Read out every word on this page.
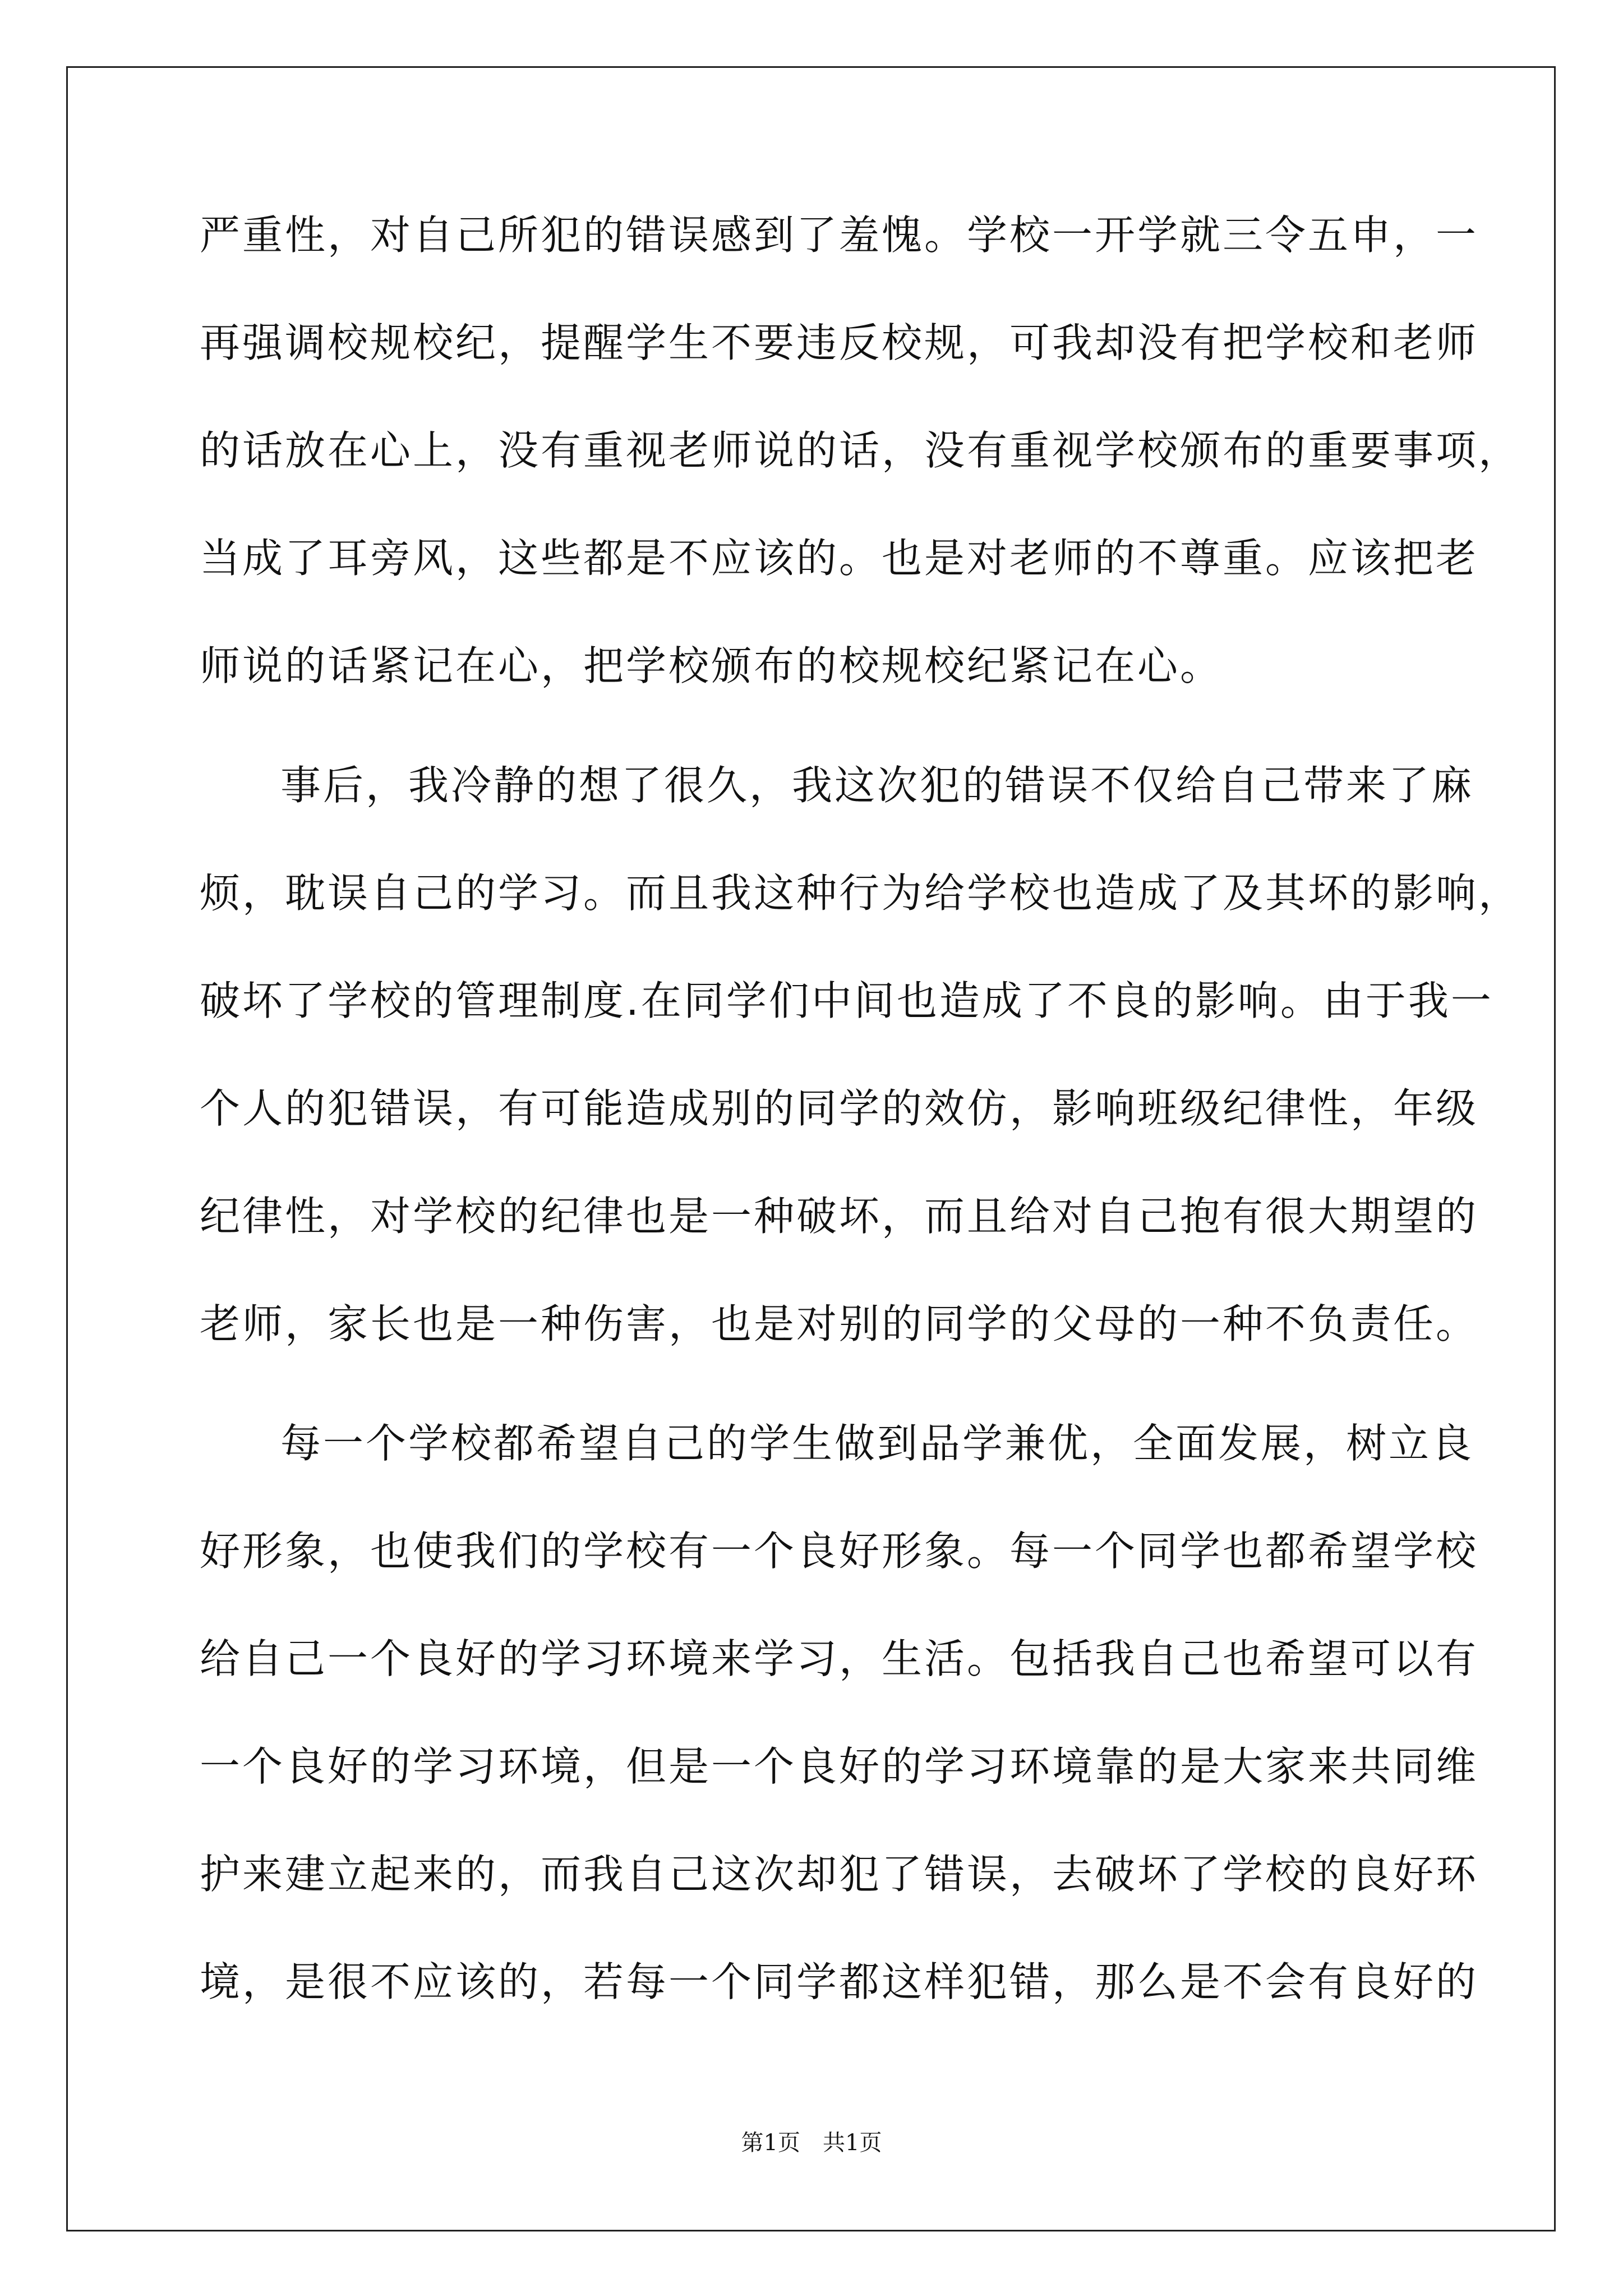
严重性，对自己所犯的错误感到了羞愧。学校一开学就三令五申，一
再强调校规校纪，提醒学生不要违反校规，可我却没有把学校和老师
的话放在心上，没有重视老师说的话，没有重视学校颁布的重要事项，
当成了耳旁风，这些都是不应该的。也是对老师的不尊重。应该把老
师说的话紧记在心，把学校颁布的校规校纪紧记在心。
事后，我冷静的想了很久，我这次犯的错误不仅给自己带来了麻
烦，耽误自己的学习。而且我这种行为给学校也造成了及其坏的影响，
破坏了学校的管理制度.在同学们中间也造成了不良的影响。由于我一
个人的犯错误，有可能造成别的同学的效仿，影响班级纪律性，年级
纪律性，对学校的纪律也是一种破坏，而且给对自己抱有很大期望的
老师，家长也是一种伤害，也是对别的同学的父母的一种不负责任。
每一个学校都希望自己的学生做到品学兼优，全面发展，树立良
好形象，也使我们的学校有一个良好形象。每一个同学也都希望学校
给自己一个良好的学习环境来学习，生活。包括我自己也希望可以有
一个良好的学习环境，但是一个良好的学习环境靠的是大家来共同维
护来建立起来的，而我自己这次却犯了错误，去破坏了学校的良好环
境，是很不应该的，若每一个同学都这样犯错，那么是不会有良好的
第1页　共1页
